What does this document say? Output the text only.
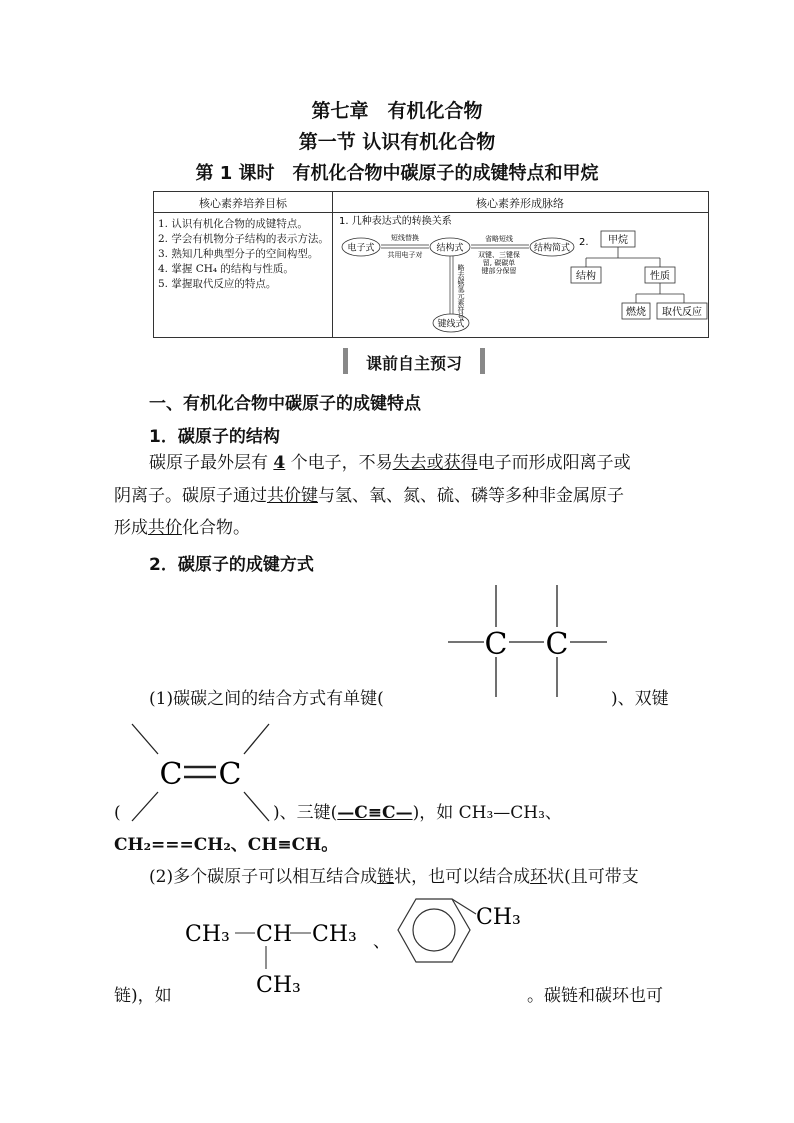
第七章　有机化合物
第一节 认识有机化合物
第 1 课时　有机化合物中碳原子的成键特点和甲烷
核心素养培养目标	核心素养形成脉络
1. 认识有机化合物的成键特点。
2. 学会有机物分子结构的表示方法。
3. 熟知几种典型分子的空间构型。
4. 掌握 CH₄ 的结构与性质。
5. 掌握取代反应的特点。
1. 几种表达式的转换关系
电子式
短线替换
共用电子对
结构式
省略短线
双键、三键保
留, 碳碳单
键部分保留
结构简式
略去碳氢元素符号
键线式
2. 甲烷
结构	性质
燃烧 取代反应
课前自主预习
一、有机化合物中碳原子的成键特点
1．碳原子的结构
碳原子最外层有 4 个电子，不易失去或获得电子而形成阳离子或
阴离子。碳原子通过共价键与氢、氧、氮、硫、磷等多种非金属原子
形成共价化合物。
2．碳原子的成键方式
C C
(1)碳碳之间的结合方式有单键(	)、双键
C C
(	)、三键(—C≡C—)，如 CH₃—CH₃、
CH₂===CH₂、CH≡CH。
(2)多个碳原子可以相互结合成链状，也可以结合成环状(且可带支
CH₃ CH CH₃
CH₃
、
CH₃
链)，如	。碳链和碳环也可
